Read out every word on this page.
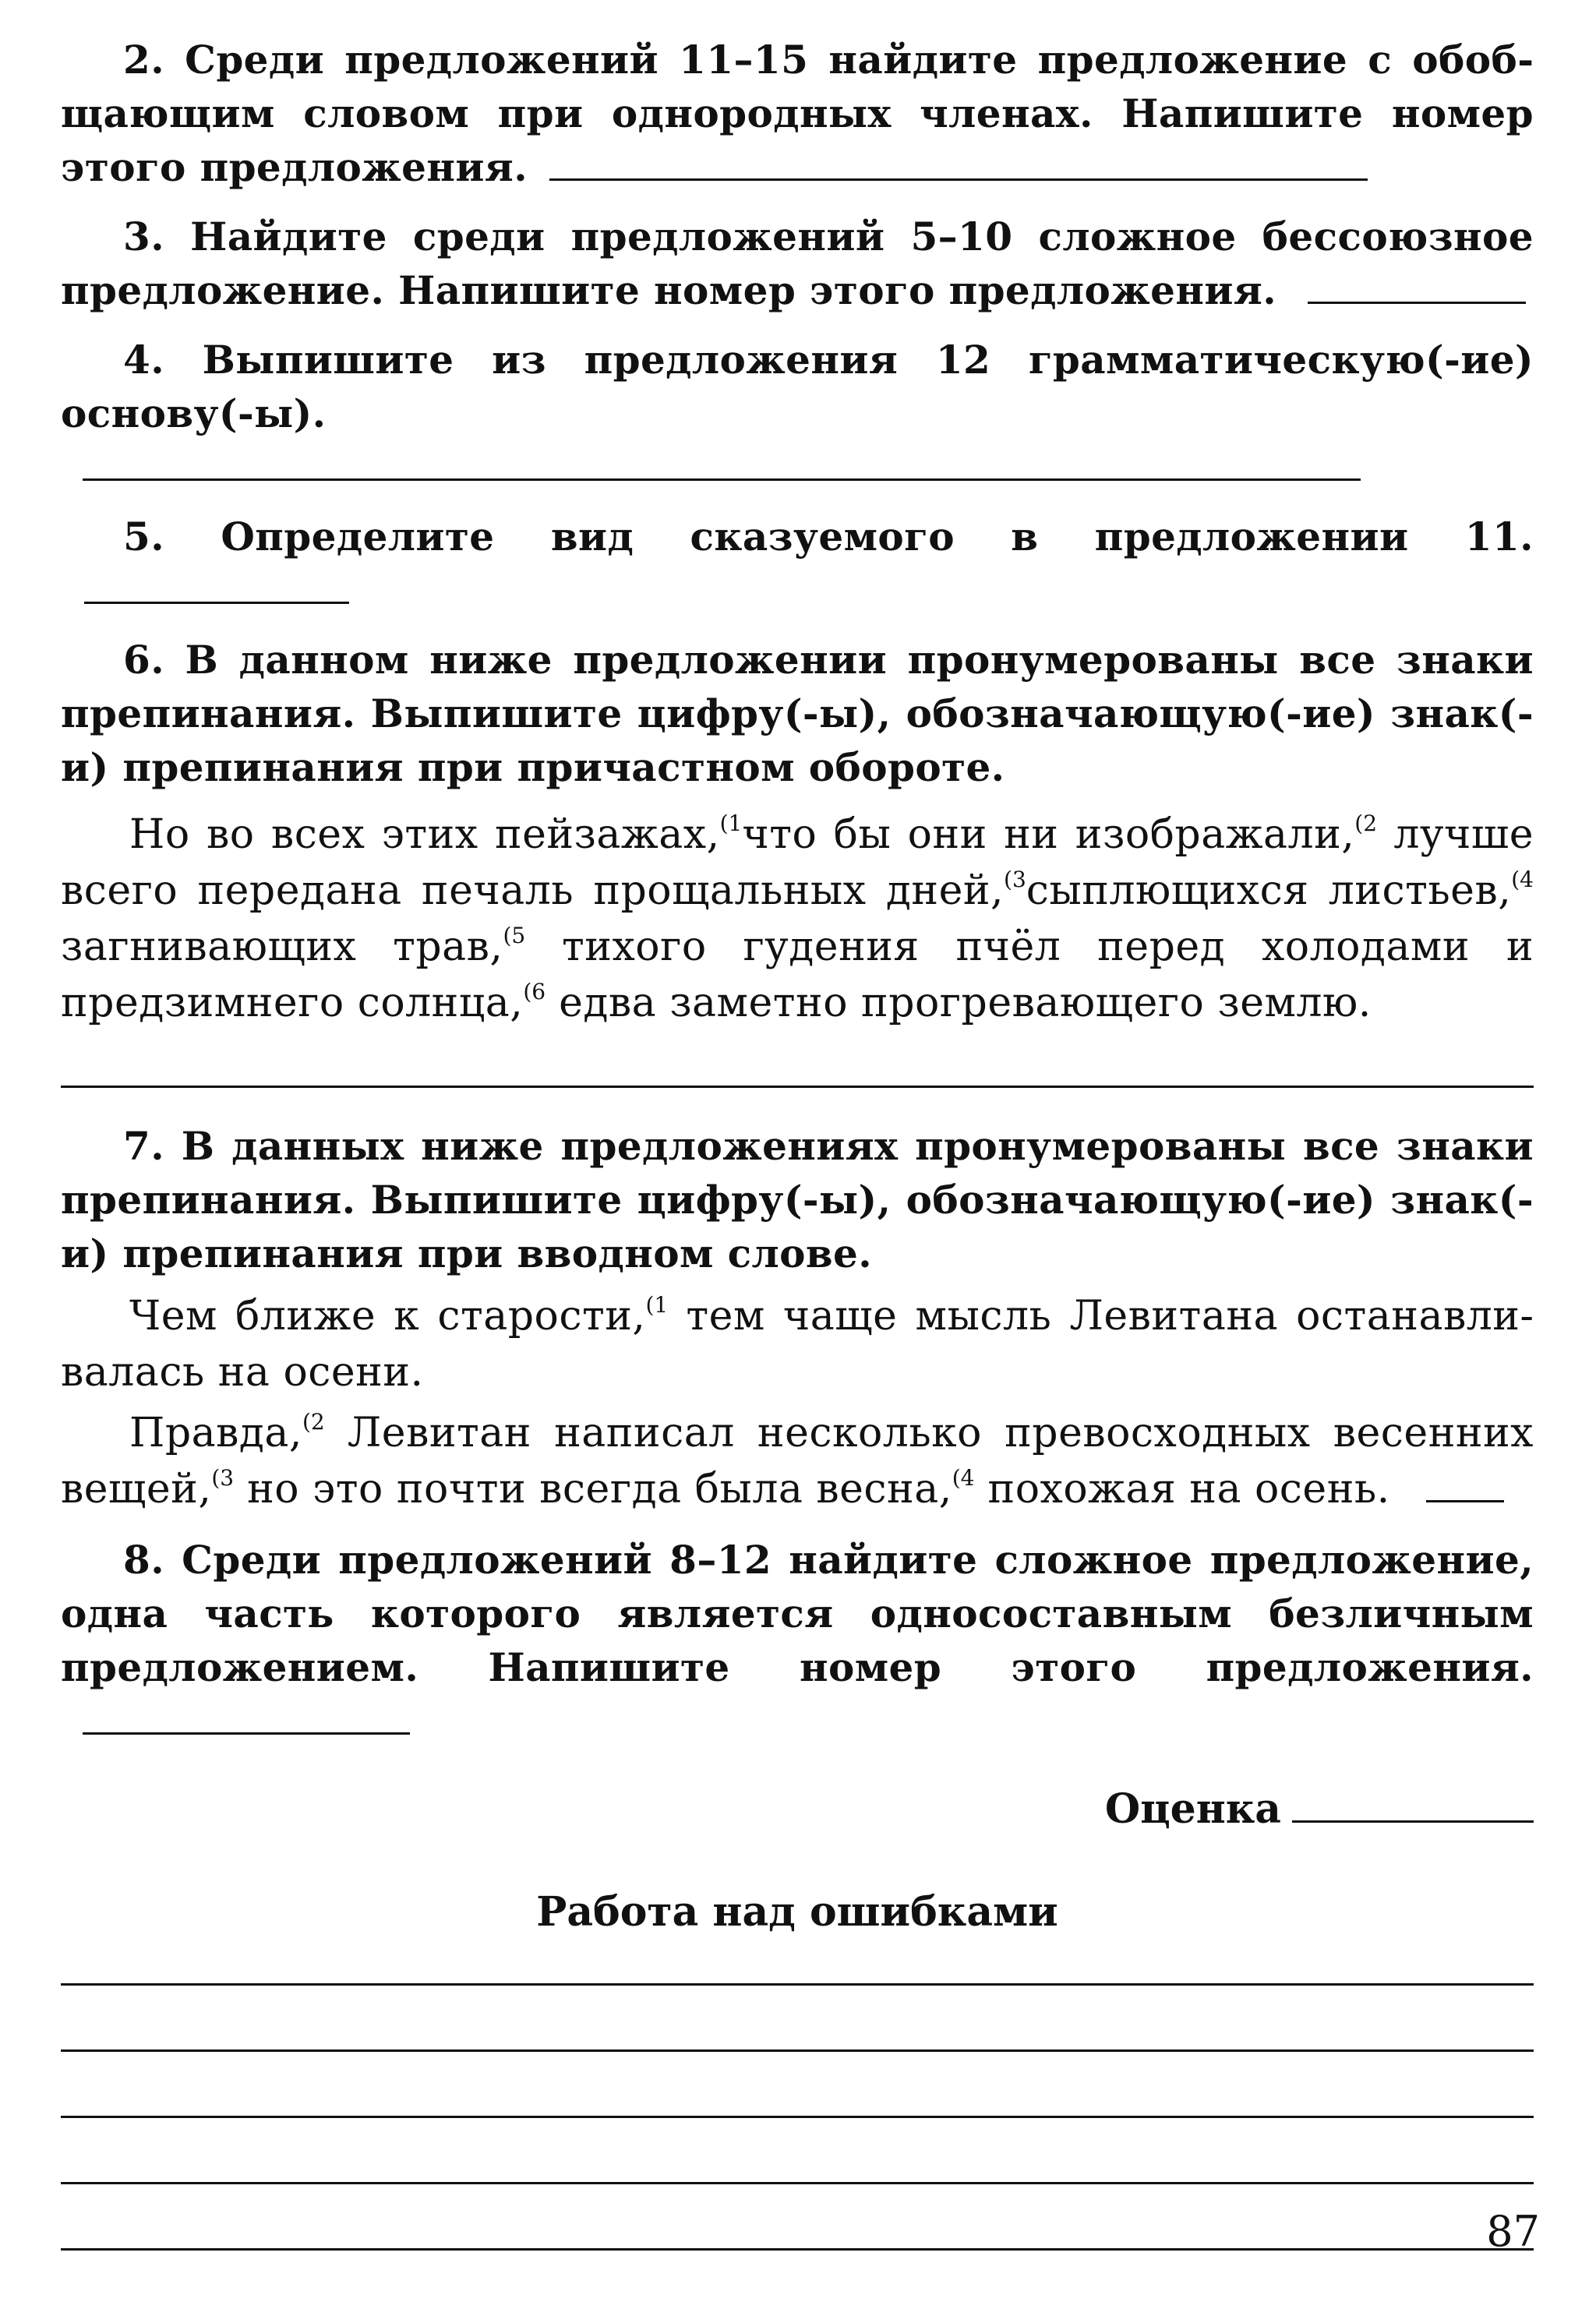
2. Среди предложений 11–15 найдите предложение с обобщающим словом при однородных членах. Напишите номер этого предложения.
3. Найдите среди предложений 5–10 сложное бессоюзное предложение. Напишите номер этого предложения.
4. Выпишите из предложения 12 грамматическую(-ие) основу(-ы).
5. Определите вид сказуемого в предложении 11.
6. В данном ниже предложении пронумерованы все знаки препинания. Выпишите цифру(-ы), обозначающую(-ие) знак(-и) препинания при причастном обороте.
Но во всех этих пейзажах,$^{(1}$что бы они ни изображали,$^{(2}$ лучше всего передана печаль прощальных дней,$^{(3}$сыплющихся листьев,$^{(4}$ загнивающих трав,$^{(5}$ тихого гудения пчёл перед холодами и предзимнего солнца,$^{(6}$ едва заметно прогревающего землю.
7. В данных ниже предложениях пронумерованы все знаки препинания. Выпишите цифру(-ы), обозначающую(-ие) знак(-и) препинания при вводном слове.
Чем ближе к старости,$^{(1}$ тем чаще мысль Левитана останавливалась на осени.
Правда,$^{(2}$ Левитан написал несколько превосходных весенних вещей,$^{(3}$ но это почти всегда была весна,$^{(4}$ похожая на осень.
8. Среди предложений 8–12 найдите сложное предложение, одна часть которого является односоставным безличным предложением. Напишите номер этого предложения.
Оценка
Работа над ошибками
87
